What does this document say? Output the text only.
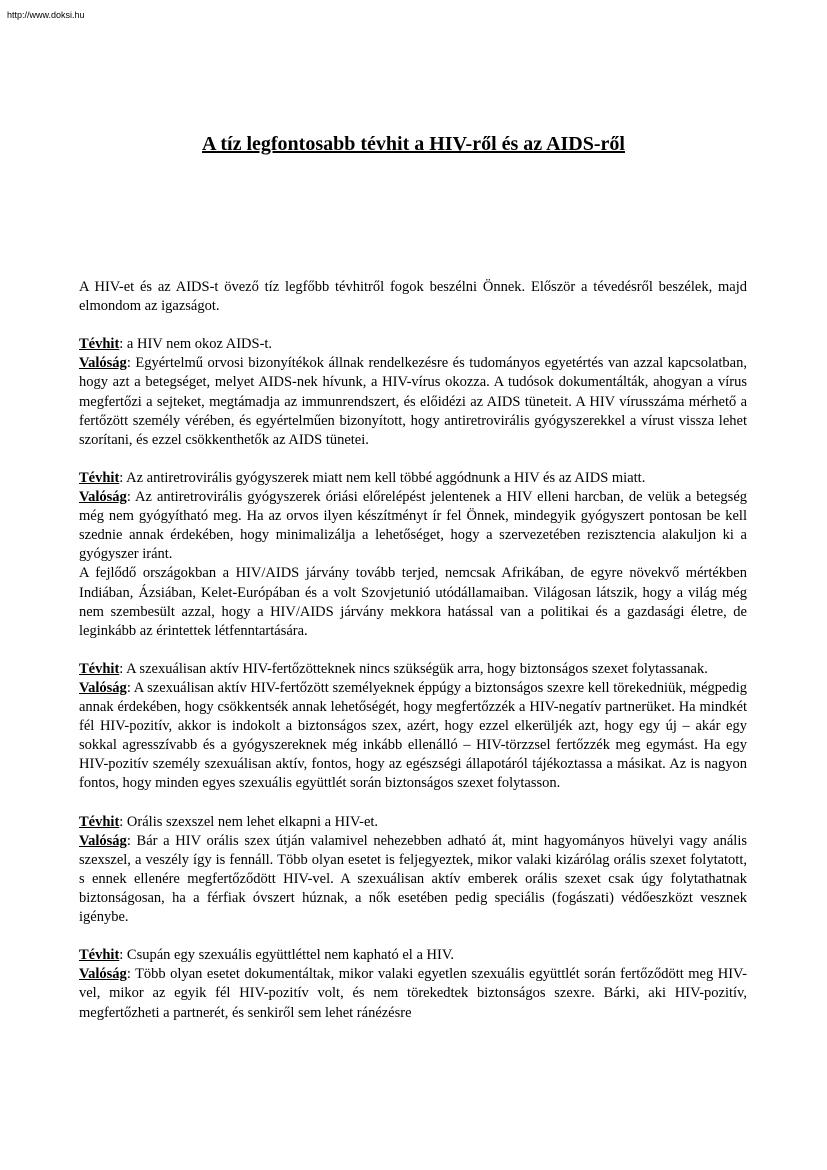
http://www.doksi.hu

A tíz legfontosabb tévhit a HIV-ről és az AIDS-ről

A HIV-et és az AIDS-t övező tíz legfőbb tévhitről fogok beszélni Önnek. Először a tévedésről beszélek, majd elmondom az igazságot.

Tévhit: a HIV nem okoz AIDS-t.

Valóság: Egyértelmű orvosi bizonyítékok állnak rendelkezésre és tudományos egyetértés van azzal kapcsolatban, hogy azt a betegséget, melyet AIDS-nek hívunk, a HIV-vírus okozza. A tudósok dokumentálták, ahogyan a vírus megfertőzi a sejteket, megtámadja az immunrendszert, és előidézi az AIDS tüneteit. A HIV vírusszáma mérhető a fertőzött személy vérében, és egyértelműen bizonyított, hogy antiretrovirális gyógyszerekkel a vírust vissza lehet szorítani, és ezzel csökkenthetők az AIDS tünetei.

Tévhit: Az antiretrovirális gyógyszerek miatt nem kell többé aggódnunk a HIV és az AIDS miatt.

Valóság: Az antiretrovirális gyógyszerek óriási előrelépést jelentenek a HIV elleni harcban, de velük a betegség még nem gyógyítható meg. Ha az orvos ilyen készítményt ír fel Önnek, mindegyik gyógyszert pontosan be kell szednie annak érdekében, hogy minimalizálja a lehetőséget, hogy a szervezetében rezisztencia alakuljon ki a gyógyszer iránt.

A fejlődő országokban a HIV/AIDS járvány tovább terjed, nemcsak Afrikában, de egyre növekvő mértékben Indiában, Ázsiában, Kelet-Európában és a volt Szovjetunió utódállamaiban. Világosan látszik, hogy a világ még nem szembesült azzal, hogy a HIV/AIDS járvány mekkora hatással van a politikai és a gazdasági életre, de leginkább az érintettek létfenntartására.

Tévhit: A szexuálisan aktív HIV-fertőzötteknek nincs szükségük arra, hogy biztonságos szexet folytassanak.

Valóság: A szexuálisan aktív HIV-fertőzött személyeknek éppúgy a biztonságos szexre kell törekedniük, mégpedig annak érdekében, hogy csökkentsék annak lehetőségét, hogy megfertőzzék a HIV-negatív partnerüket. Ha mindkét fél HIV-pozitív, akkor is indokolt a biztonságos szex, azért, hogy ezzel elkerüljék azt, hogy egy új – akár egy sokkal agresszívabb és a gyógyszereknek még inkább ellenálló – HIV-törzzsel fertőzzék meg egymást. Ha egy HIV-pozitív személy szexuálisan aktív, fontos, hogy az egészségi állapotáról tájékoztassa a másikat. Az is nagyon fontos, hogy minden egyes szexuális együttlét során biztonságos szexet folytasson.

Tévhit: Orális szexszel nem lehet elkapni a HIV-et.

Valóság: Bár a HIV orális szex útján valamivel nehezebben adható át, mint hagyományos hüvelyi vagy anális szexszel, a veszély így is fennáll. Több olyan esetet is feljegyeztek, mikor valaki kizárólag orális szexet folytatott, s ennek ellenére megfertőződött HIV-vel. A szexuálisan aktív emberek orális szexet csak úgy folytathatnak biztonságosan, ha a férfiak óvszert húznak, a nők esetében pedig speciális (fogászati) védőeszközt vesznek igénybe.

Tévhit: Csupán egy szexuális együttléttel nem kapható el a HIV.

Valóság: Több olyan esetet dokumentáltak, mikor valaki egyetlen szexuális együttlét során fertőződött meg HIV-vel, mikor az egyik fél HIV-pozitív volt, és nem törekedtek biztonságos szexre. Bárki, aki HIV-pozitív, megfertőzheti a partnerét, és senkiről sem lehet ránézésre
